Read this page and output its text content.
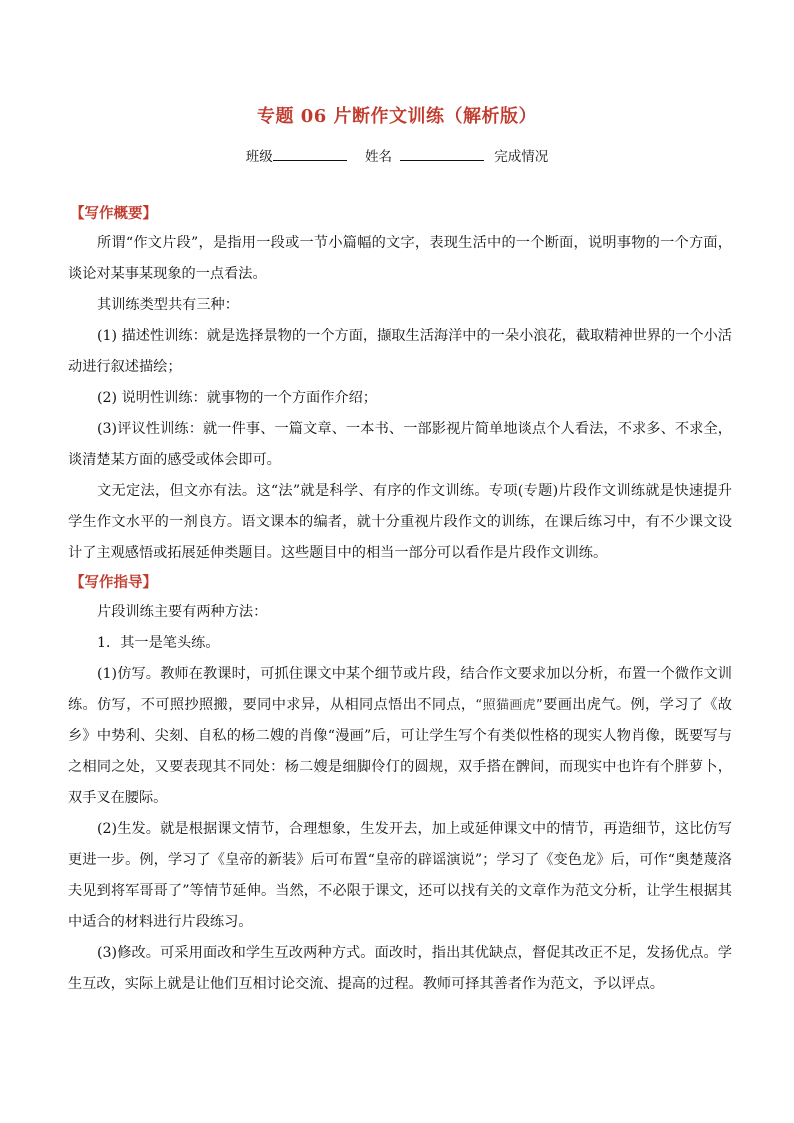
专题 06 片断作文训练（解析版）
班级	姓名	完成情况
【写作概要】

所谓“作文片段”，是指用一段或一节小篇幅的文字，表现生活中的一个断面，说明事物的一个方面，谈论对某事某现象的一点看法。

其训练类型共有三种：

(1) 描述性训练：就是选择景物的一个方面，撷取生活海洋中的一朵小浪花，截取精神世界的一个小活动进行叙述描绘；

(2) 说明性训练：就事物的一个方面作介绍；

(3)评议性训练：就一件事、一篇文章、一本书、一部影视片简单地谈点个人看法，不求多、不求全，谈清楚某方面的感受或体会即可。

文无定法，但文亦有法。这“法”就是科学、有序的作文训练。专项(专题)片段作文训练就是快速提升学生作文水平的一剂良方。语文课本的编者，就十分重视片段作文的训练，在课后练习中，有不少课文设计了主观感悟或拓展延伸类题目。这些题目中的相当一部分可以看作是片段作文训练。

【写作指导】

片段训练主要有两种方法：

1．其一是笔头练。

(1)仿写。教师在教课时，可抓住课文中某个细节或片段，结合作文要求加以分析，布置一个微作文训练。仿写，不可照抄照搬，要同中求异，从相同点悟出不同点，“照猫画虎”要画出虎气。例，学习了《故乡》中势利、尖刻、自私的杨二嫂的肖像“漫画”后，可让学生写个有类似性格的现实人物肖像，既要写与之相同之处，又要表现其不同处：杨二嫂是细脚伶仃的圆规，双手搭在髀间，而现实中也许有个胖萝卜，双手叉在腰际。

(2)生发。就是根据课文情节，合理想象，生发开去，加上或延伸课文中的情节，再造细节，这比仿写更进一步。例，学习了《皇帝的新装》后可布置“皇帝的辟谣演说”；学习了《变色龙》后，可作“奥楚蔑洛夫见到将军哥哥了”等情节延伸。当然，不必限于课文，还可以找有关的文章作为范文分析，让学生根据其中适合的材料进行片段练习。

(3)修改。可采用面改和学生互改两种方式。面改时，指出其优缺点，督促其改正不足，发扬优点。学生互改，实际上就是让他们互相讨论交流、提高的过程。教师可择其善者作为范文，予以评点。
